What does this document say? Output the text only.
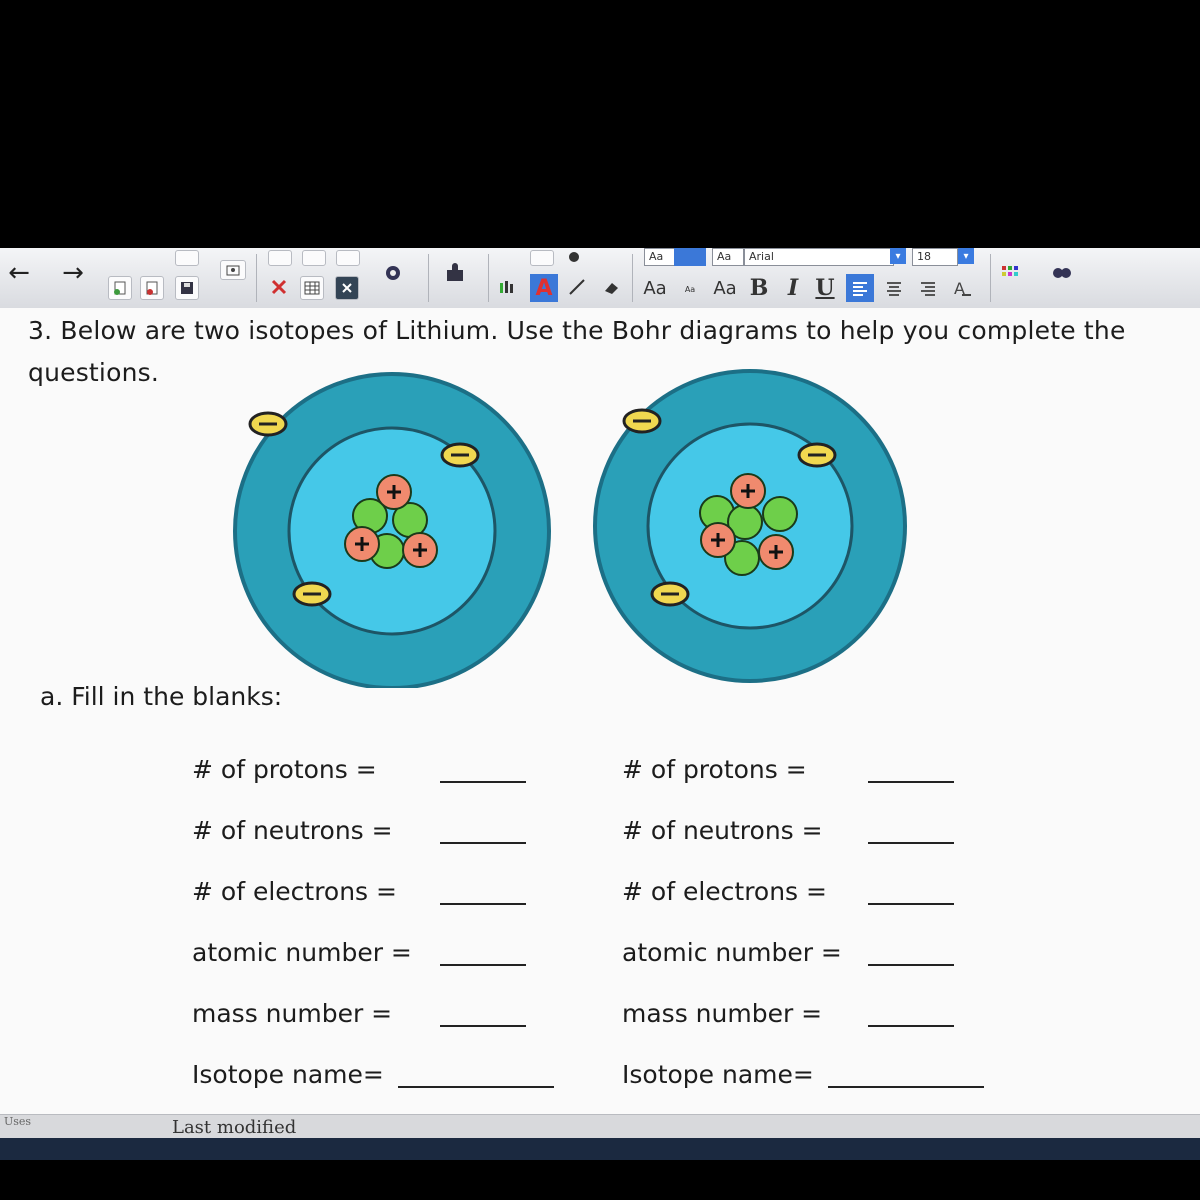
← →	A	Aa	Aa Aa B I U	A
Aa	Aa	Arial	▾	18	▾
3. Below are two isotopes of Lithium. Use the Bohr diagrams to help you complete the
questions.
a. Fill in the blanks:
# of protons =
# of neutrons =
# of electrons =
atomic number =
mass number =
Isotope name=
# of protons =
# of neutrons =
# of electrons =
atomic number =
mass number =
Isotope name=
Uses	Last modified
